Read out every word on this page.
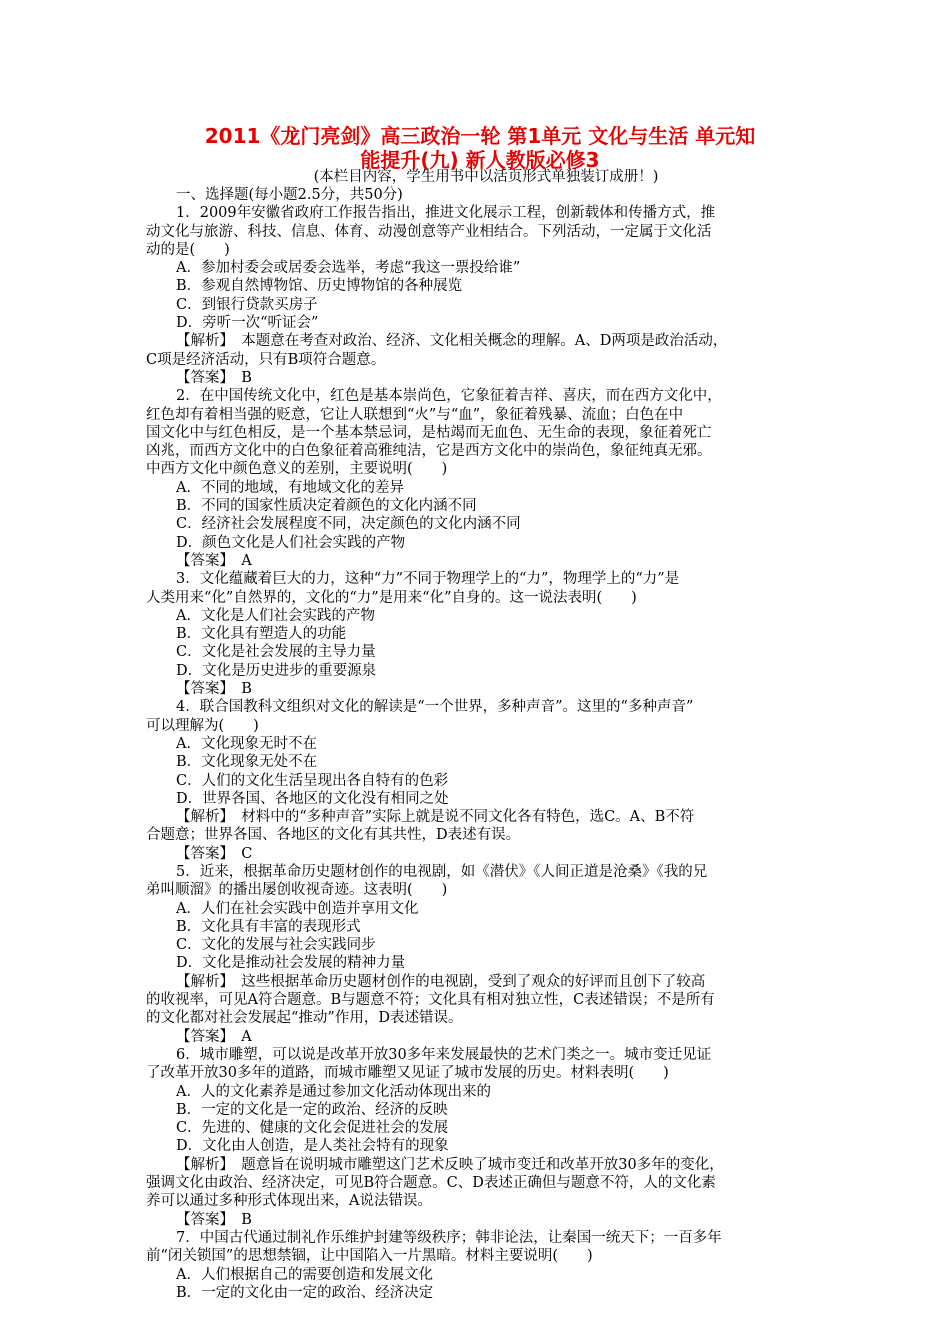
2011《龙门亮剑》高三政治一轮 第1单元 文化与生活 单元知
能提升(九) 新人教版必修3
(本栏目内容，学生用书中以活页形式单独装订成册！)
一、选择题(每小题2.5分，共50分)
1．2009年安徽省政府工作报告指出，推进文化展示工程，创新载体和传播方式，推
动文化与旅游、科技、信息、体育、动漫创意等产业相结合。下列活动，一定属于文化活
动的是(　　)
A．参加村委会或居委会选举，考虑“我这一票投给谁”
B．参观自然博物馆、历史博物馆的各种展览
C．到银行贷款买房子
D．旁听一次“听证会”
【解析】　本题意在考查对政治、经济、文化相关概念的理解。A、D两项是政治活动，
C项是经济活动，只有B项符合题意。
【答案】　B
2．在中国传统文化中，红色是基本崇尚色，它象征着吉祥、喜庆，而在西方文化中，
红色却有着相当强的贬意，它让人联想到“火”与“血”，象征着残暴、流血；白色在中
国文化中与红色相反，是一个基本禁忌词，是枯竭而无血色、无生命的表现，象征着死亡
凶兆，而西方文化中的白色象征着高雅纯洁，它是西方文化中的崇尚色，象征纯真无邪。
中西方文化中颜色意义的差别，主要说明(　　)
A．不同的地域，有地域文化的差异
B．不同的国家性质决定着颜色的文化内涵不同
C．经济社会发展程度不同，决定颜色的文化内涵不同
D．颜色文化是人们社会实践的产物
【答案】　A
3．文化蕴藏着巨大的力，这种“力”不同于物理学上的“力”，物理学上的“力”是
人类用来“化”自然界的，文化的“力”是用来“化”自身的。这一说法表明(　　)
A．文化是人们社会实践的产物
B．文化具有塑造人的功能
C．文化是社会发展的主导力量
D．文化是历史进步的重要源泉
【答案】　B
4．联合国教科文组织对文化的解读是“一个世界，多种声音”。这里的“多种声音”
可以理解为(　　)
A．文化现象无时不在
B．文化现象无处不在
C．人们的文化生活呈现出各自特有的色彩
D．世界各国、各地区的文化没有相同之处
【解析】　材料中的“多种声音”实际上就是说不同文化各有特色，选C。A、B不符
合题意；世界各国、各地区的文化有其共性，D表述有误。
【答案】　C
5．近来，根据革命历史题材创作的电视剧，如《潜伏》《人间正道是沧桑》《我的兄
弟叫顺溜》的播出屡创收视奇迹。这表明(　　)
A．人们在社会实践中创造并享用文化
B．文化具有丰富的表现形式
C．文化的发展与社会实践同步
D．文化是推动社会发展的精神力量
【解析】　这些根据革命历史题材创作的电视剧，受到了观众的好评而且创下了较高
的收视率，可见A符合题意。B与题意不符；文化具有相对独立性，C表述错误；不是所有
的文化都对社会发展起“推动”作用，D表述错误。
【答案】　A
6．城市雕塑，可以说是改革开放30多年来发展最快的艺术门类之一。城市变迁见证
了改革开放30多年的道路，而城市雕塑又见证了城市发展的历史。材料表明(　　)
A．人的文化素养是通过参加文化活动体现出来的
B．一定的文化是一定的政治、经济的反映
C．先进的、健康的文化会促进社会的发展
D．文化由人创造，是人类社会特有的现象
【解析】　题意旨在说明城市雕塑这门艺术反映了城市变迁和改革开放30多年的变化，
强调文化由政治、经济决定，可见B符合题意。C、D表述正确但与题意不符，人的文化素
养可以通过多种形式体现出来，A说法错误。
【答案】　B
7．中国古代通过制礼作乐维护封建等级秩序；韩非论法，让秦国一统天下；一百多年
前“闭关锁国”的思想禁锢，让中国陷入一片黑暗。材料主要说明(　　)
A．人们根据自己的需要创造和发展文化
B．一定的文化由一定的政治、经济决定
